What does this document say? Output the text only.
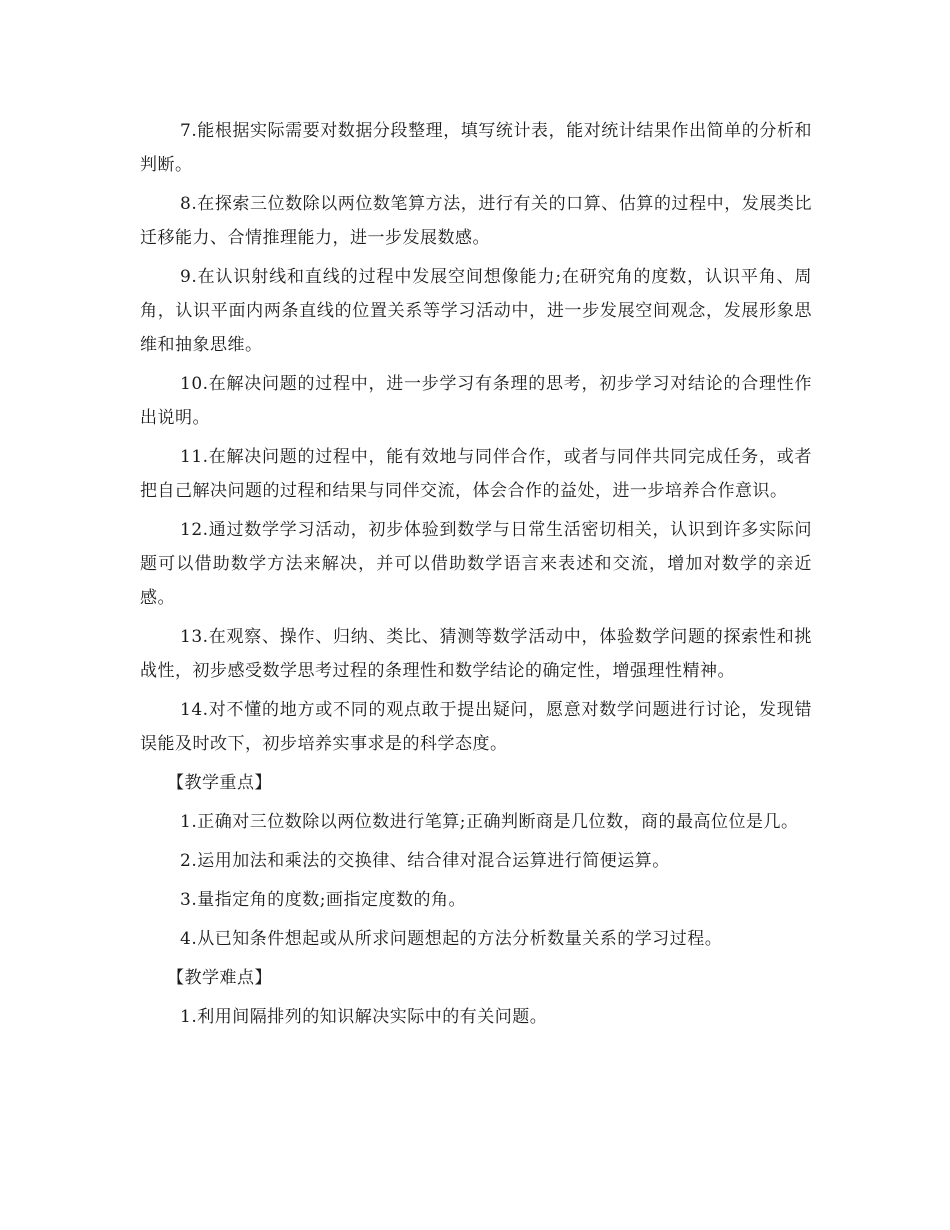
7.能根据实际需要对数据分段整理，填写统计表，能对统计结果作出简单的分析和判断。

8.在探索三位数除以两位数笔算方法，进行有关的口算、估算的过程中，发展类比迁移能力、合情推理能力，进一步发展数感。

9.在认识射线和直线的过程中发展空间想像能力;在研究角的度数，认识平角、周角，认识平面内两条直线的位置关系等学习活动中，进一步发展空间观念，发展形象思维和抽象思维。

10.在解决问题的过程中，进一步学习有条理的思考，初步学习对结论的合理性作出说明。

11.在解决问题的过程中，能有效地与同伴合作，或者与同伴共同完成任务，或者把自己解决问题的过程和结果与同伴交流，体会合作的益处，进一步培养合作意识。

12.通过数学学习活动，初步体验到数学与日常生活密切相关，认识到许多实际问题可以借助数学方法来解决，并可以借助数学语言来表述和交流，增加对数学的亲近感。

13.在观察、操作、归纳、类比、猜测等数学活动中，体验数学问题的探索性和挑战性，初步感受数学思考过程的条理性和数学结论的确定性，增强理性精神。

14.对不懂的地方或不同的观点敢于提出疑问，愿意对数学问题进行讨论，发现错误能及时改下，初步培养实事求是的科学态度。

【教学重点】

1.正确对三位数除以两位数进行笔算;正确判断商是几位数，商的最高位位是几。

2.运用加法和乘法的交换律、结合律对混合运算进行简便运算。

3.量指定角的度数;画指定度数的角。

4.从已知条件想起或从所求问题想起的方法分析数量关系的学习过程。

【教学难点】

1.利用间隔排列的知识解决实际中的有关问题。
